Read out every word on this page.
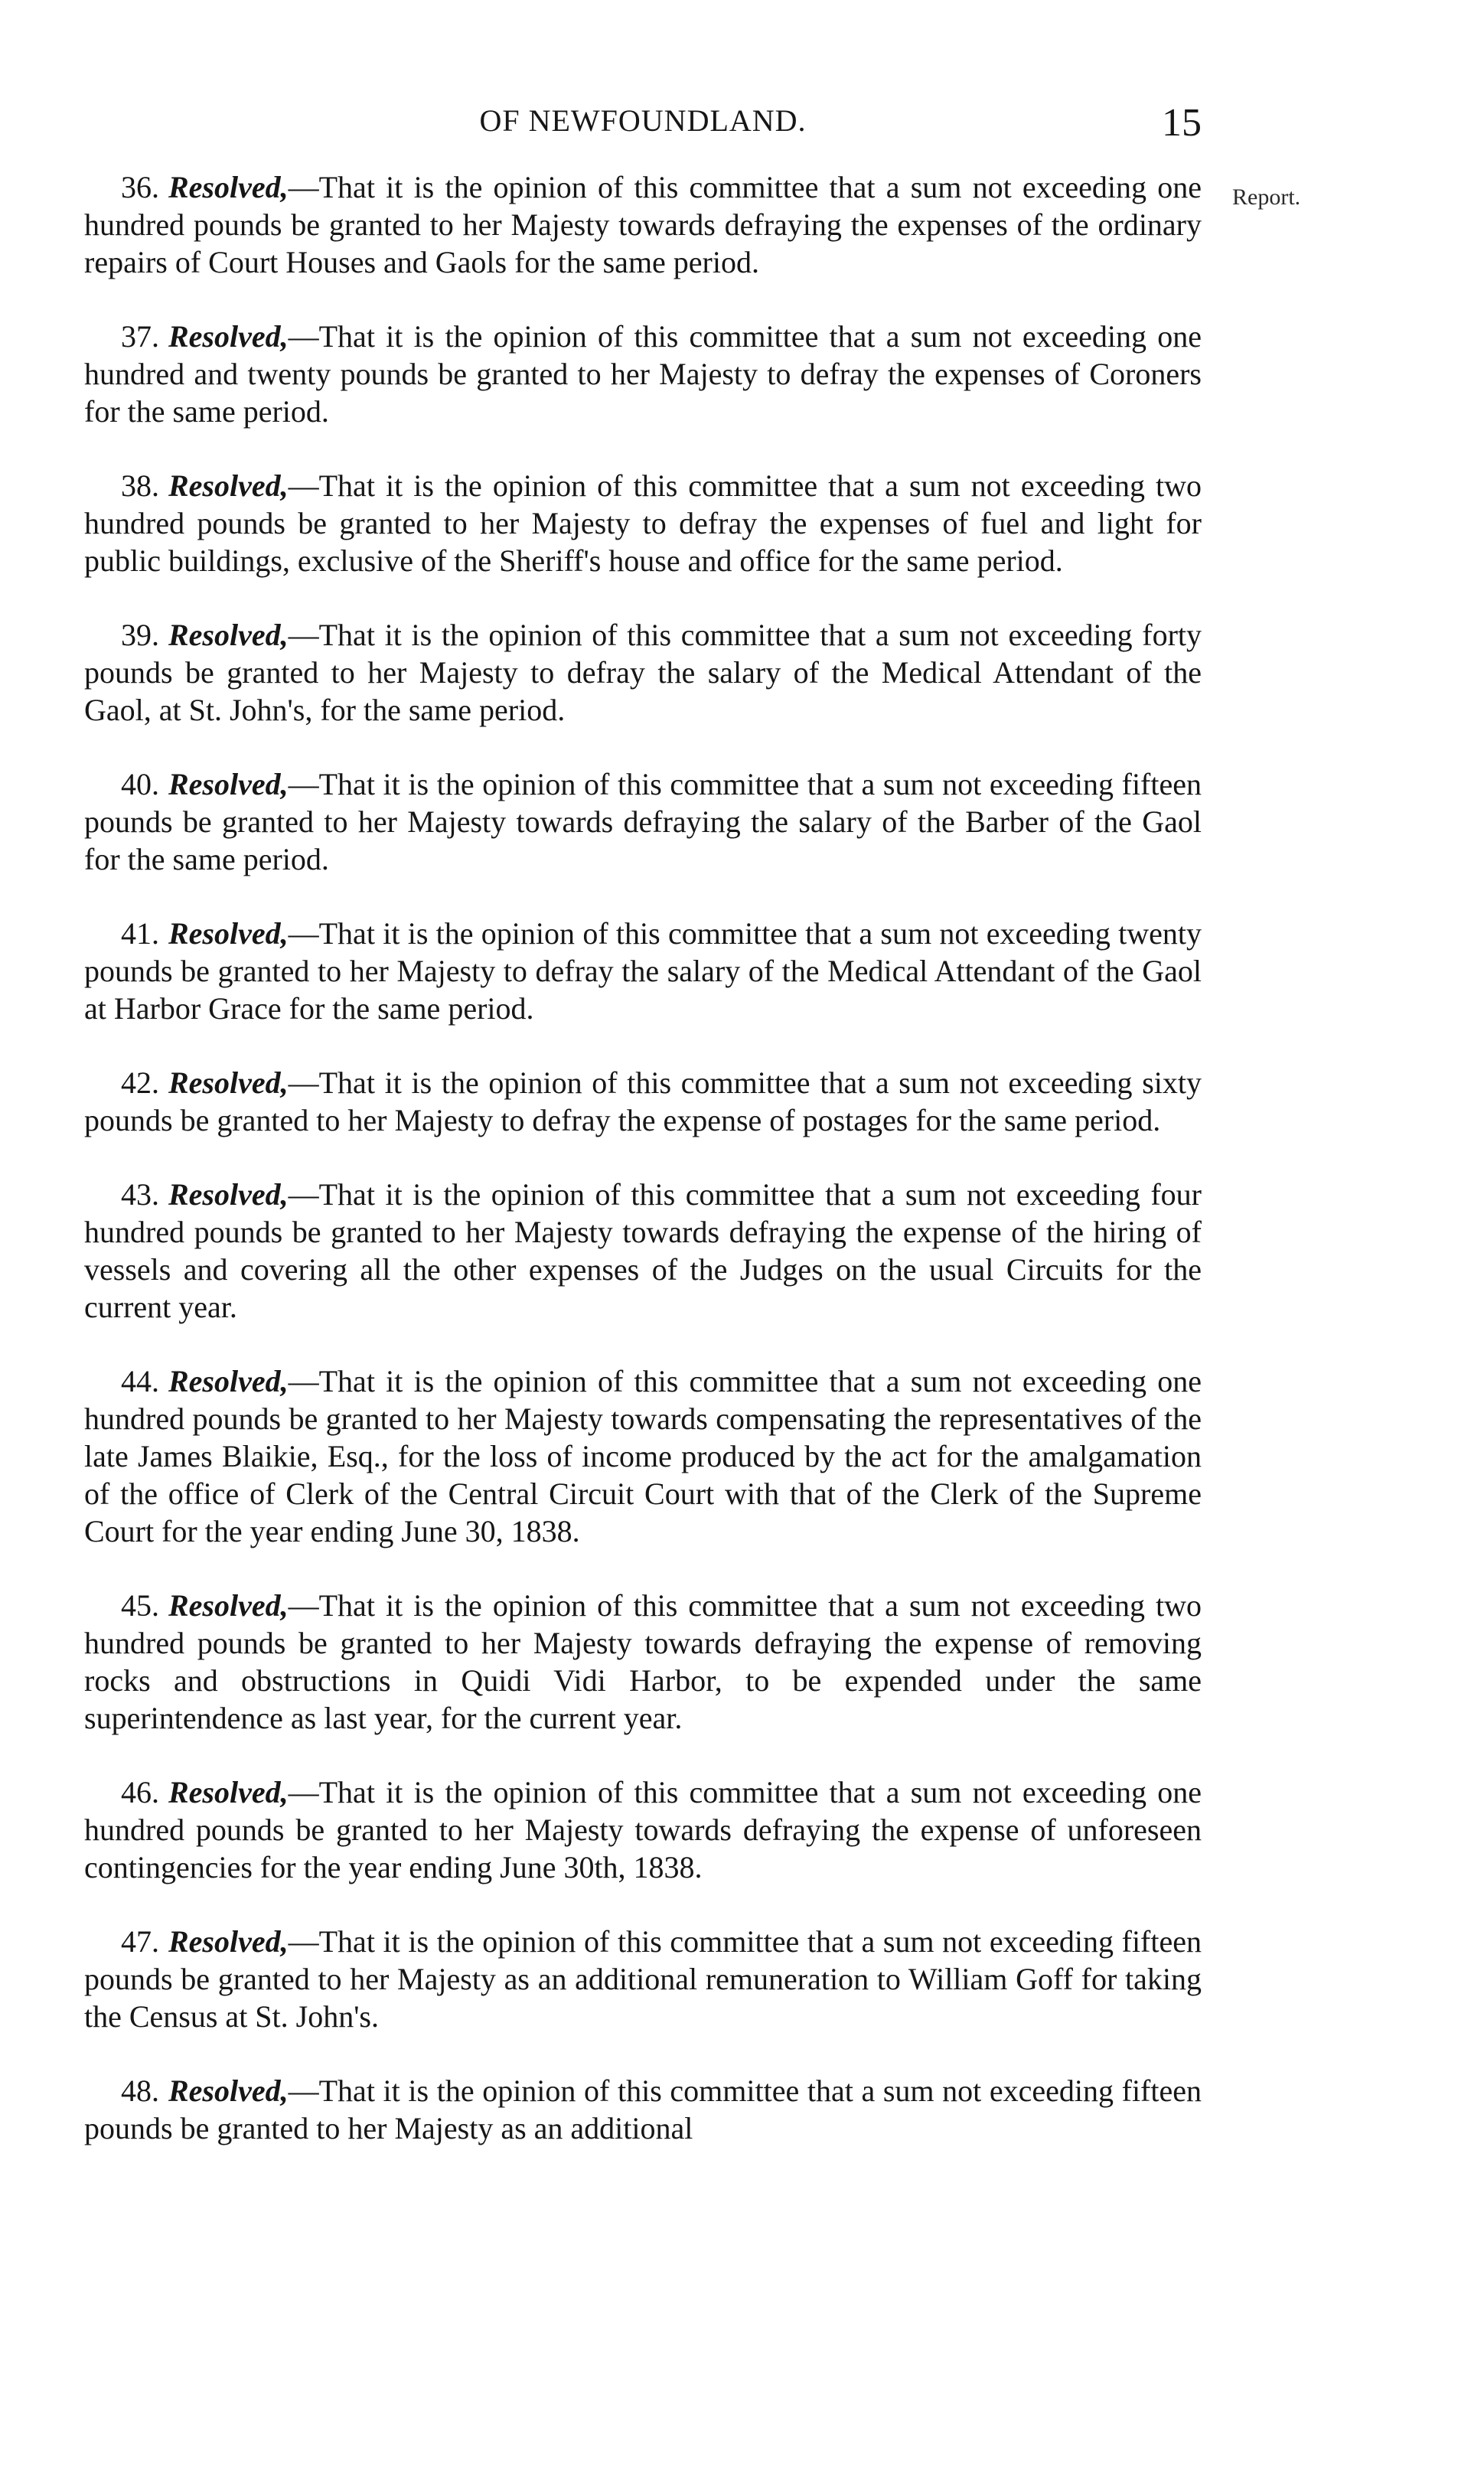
OF NEWFOUNDLAND.	15
Report.

36. Resolved,—That it is the opinion of this committee that a sum not exceeding one hundred pounds be granted to her Majesty towards defraying the expenses of the ordinary repairs of Court Houses and Gaols for the same period.

37. Resolved,—That it is the opinion of this committee that a sum not exceeding one hundred and twenty pounds be granted to her Majesty to defray the expenses of Coroners for the same period.

38. Resolved,—That it is the opinion of this committee that a sum not exceeding two hundred pounds be granted to her Majesty to defray the expenses of fuel and light for public buildings, exclusive of the Sheriff's house and office for the same period.

39. Resolved,—That it is the opinion of this committee that a sum not exceeding forty pounds be granted to her Majesty to defray the salary of the Medical Attendant of the Gaol, at St. John's, for the same period.

40. Resolved,—That it is the opinion of this committee that a sum not exceeding fifteen pounds be granted to her Majesty towards defraying the salary of the Barber of the Gaol for the same period.

41. Resolved,—That it is the opinion of this committee that a sum not exceeding twenty pounds be granted to her Majesty to defray the salary of the Medical Attendant of the Gaol at Harbor Grace for the same period.

42. Resolved,—That it is the opinion of this committee that a sum not exceeding sixty pounds be granted to her Majesty to defray the expense of postages for the same period.

43. Resolved,—That it is the opinion of this committee that a sum not exceeding four hundred pounds be granted to her Majesty towards defraying the expense of the hiring of vessels and covering all the other expenses of the Judges on the usual Circuits for the current year.

44. Resolved,—That it is the opinion of this committee that a sum not exceeding one hundred pounds be granted to her Majesty towards compensating the representatives of the late James Blaikie, Esq., for the loss of income produced by the act for the amalgamation of the office of Clerk of the Central Circuit Court with that of the Clerk of the Supreme Court for the year ending June 30, 1838.

45. Resolved,—That it is the opinion of this committee that a sum not exceeding two hundred pounds be granted to her Majesty towards defraying the expense of removing rocks and obstructions in Quidi Vidi Harbor, to be expended under the same superintendence as last year, for the current year.

46. Resolved,—That it is the opinion of this committee that a sum not exceeding one hundred pounds be granted to her Majesty towards defraying the expense of unforeseen contingencies for the year ending June 30th, 1838.

47. Resolved,—That it is the opinion of this committee that a sum not exceeding fifteen pounds be granted to her Majesty as an additional remuneration to William Goff for taking the Census at St. John's.

48. Resolved,—That it is the opinion of this committee that a sum not exceeding fifteen pounds be granted to her Majesty as an additional
